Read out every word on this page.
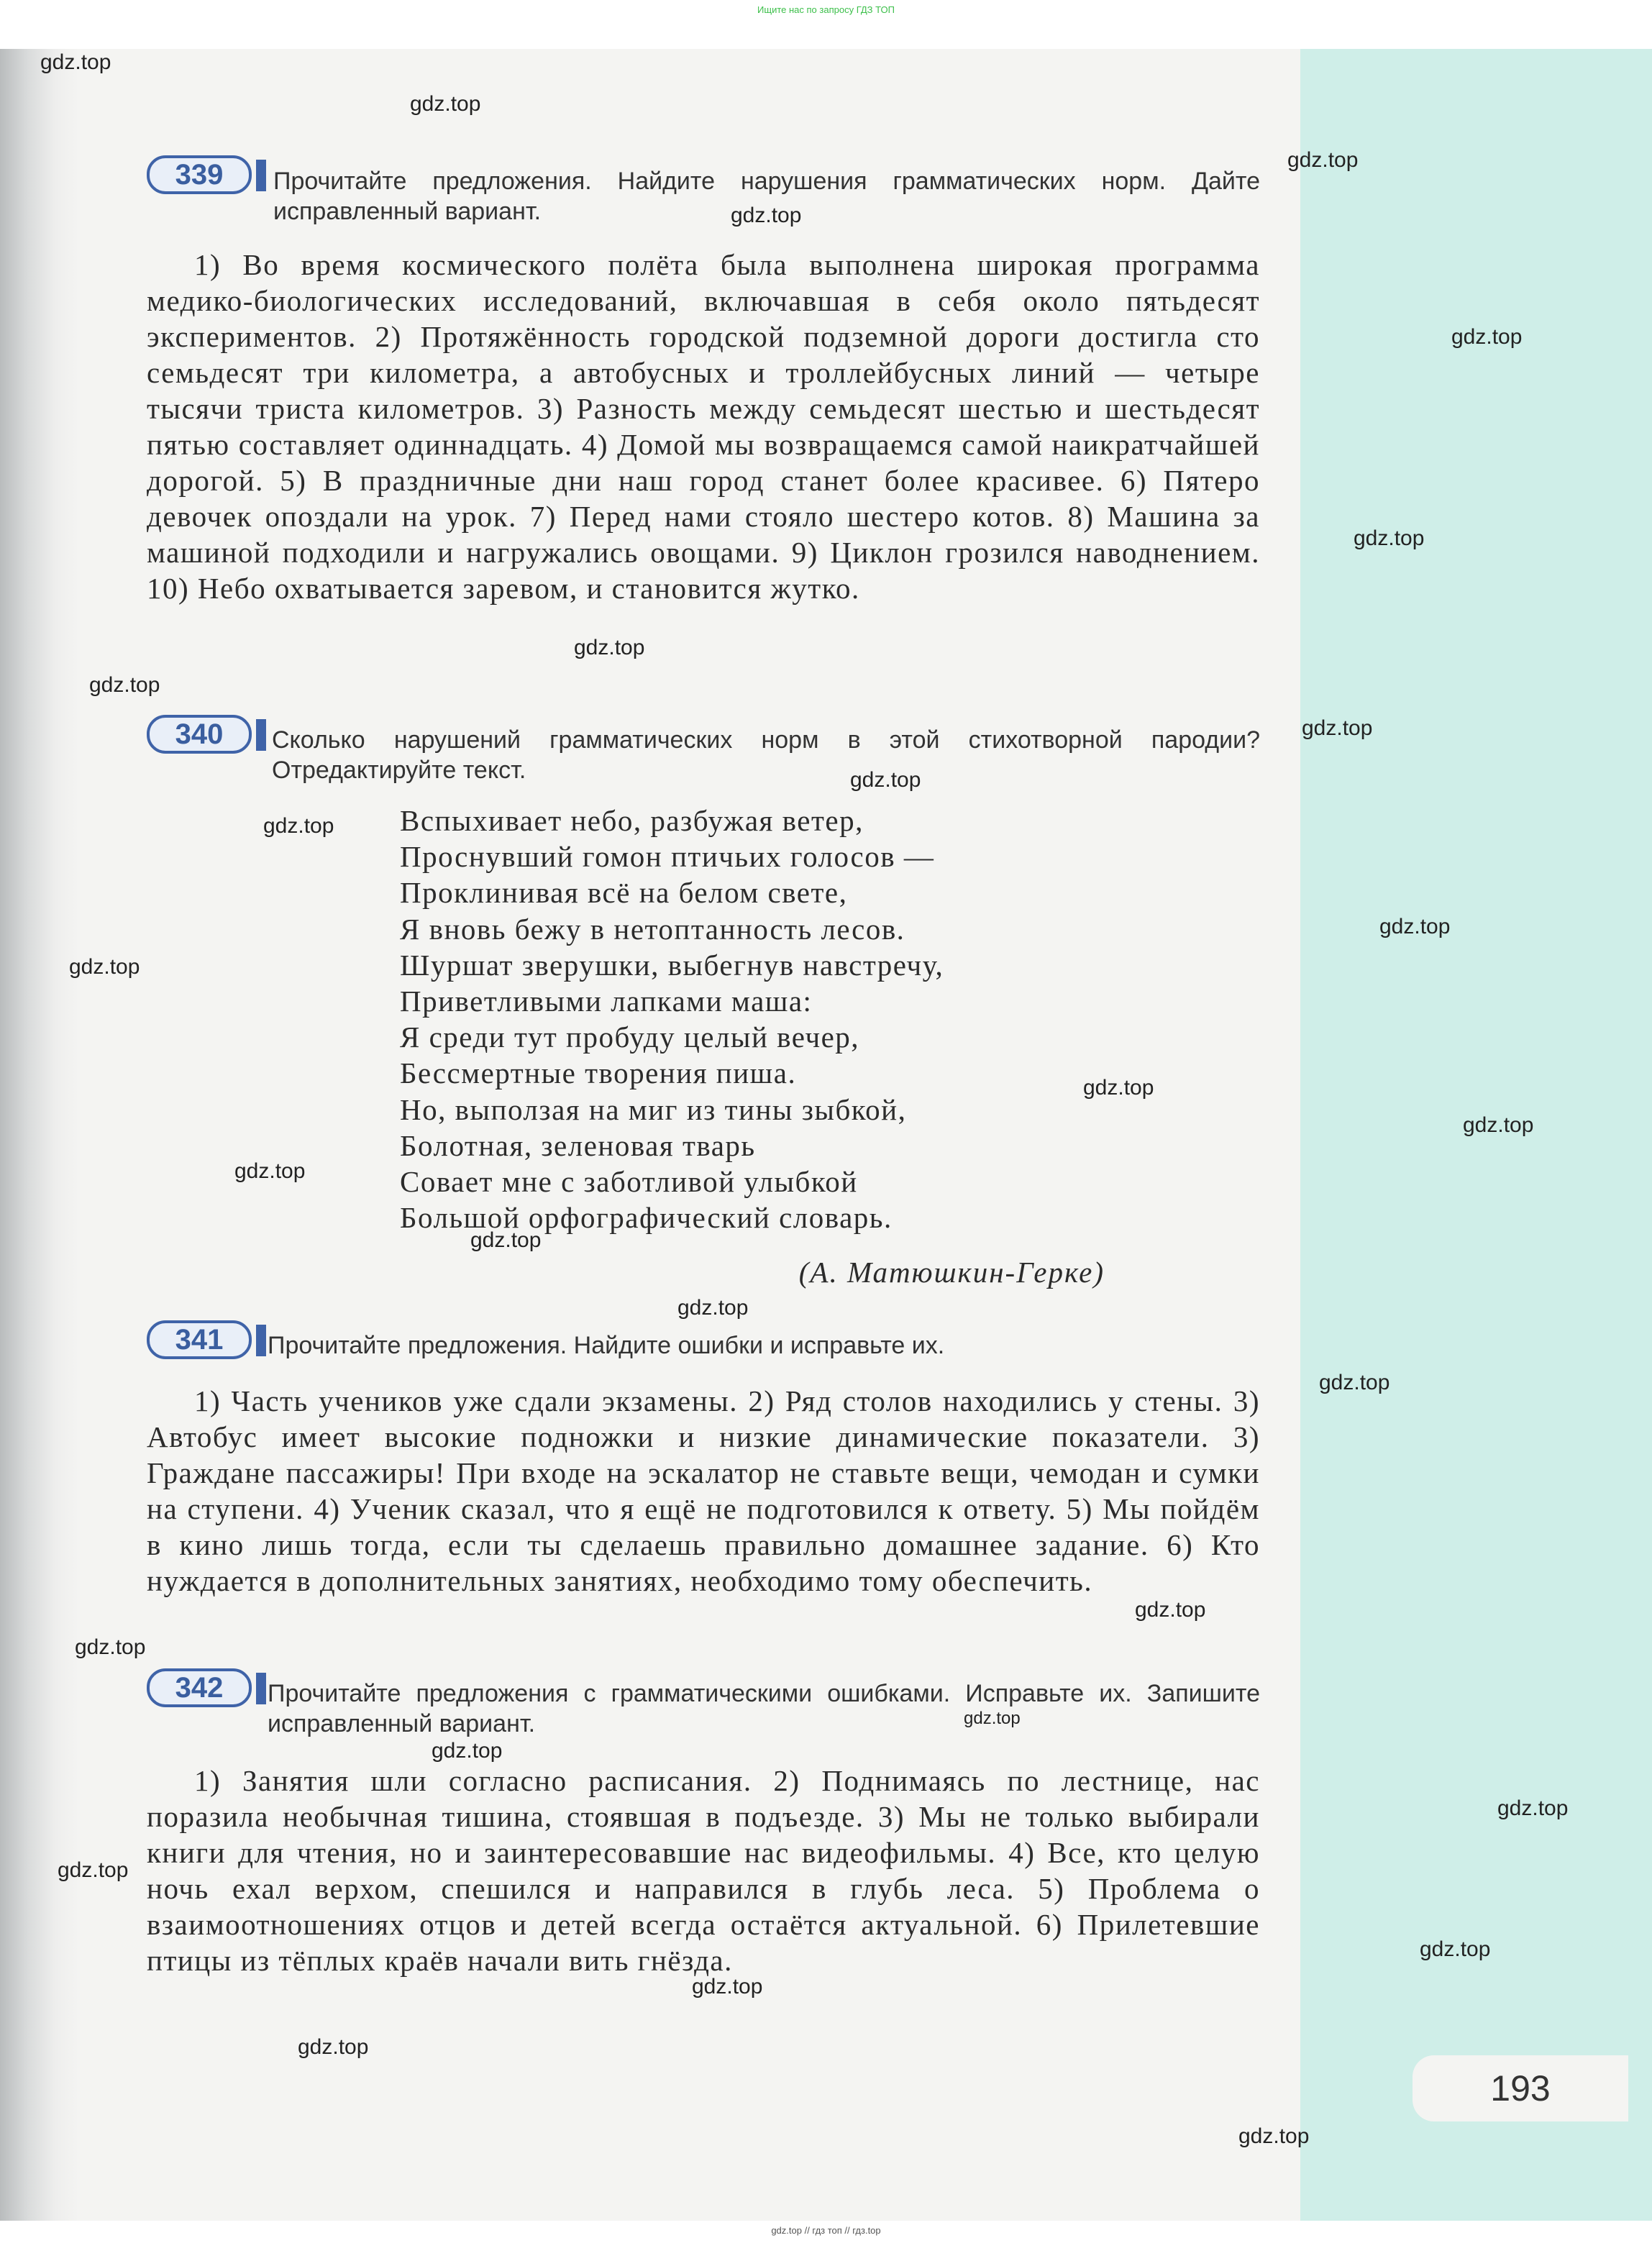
Ищите нас по запросу ГДЗ ТОП
339	Прочитайте предложения. Найдите нарушения грамматических норм. Дайте исправленный вариант.
1) Во время космического полёта была выполнена широкая программа медико-биологических исследований, включавшая в себя около пятьдесят экспериментов. 2) Протяжённость городской подземной дороги достигла сто семьдесят три километра, а автобусных и троллейбусных линий — четыре тысячи триста километров. 3) Разность между семьдесят шестью и шестьдесят пятью составляет одиннадцать. 4) Домой мы возвращаемся самой наикратчайшей дорогой. 5) В праздничные дни наш город станет более красивее. 6) Пятеро девочек опоздали на урок. 7) Перед нами стояло шестеро котов. 8) Машина за машиной подходили и нагружались овощами. 9) Циклон грозился наводнением. 10) Небо охватывается заревом, и становится жутко.
340	Сколько нарушений грамматических норм в этой стихотворной пародии? Отредактируйте текст.
Вспыхивает небо, разбужая ветер,
Проснувший гомон птичьих голосов —
Проклинивая всё на белом свете,
Я вновь бежу в нетоптанность лесов.
Шуршат зверушки, выбегнув навстречу,
Приветливыми лапками маша:
Я среди тут пробуду целый вечер,
Бессмертные творения пиша.
Но, выползая на миг из тины зыбкой,
Болотная, зеленовая тварь
Совает мне с заботливой улыбкой
Большой орфографический словарь.
(А. Матюшкин-Герке)
341	Прочитайте предложения. Найдите ошибки и исправьте их.
1) Часть учеников уже сдали экзамены. 2) Ряд столов находились у стены. 3) Автобус имеет высокие подножки и низкие динамические показатели. 3) Граждане пассажиры! При входе на эскалатор не ставьте вещи, чемодан и сумки на ступени. 4) Ученик сказал, что я ещё не подготовился к ответу. 5) Мы пойдём в кино лишь тогда, если ты сделаешь правильно домашнее задание. 6) Кто нуждается в дополнительных занятиях, необходимо тому обеспечить.
342	Прочитайте предложения с грамматическими ошибками. Исправьте их. Запишите исправленный вариант.
1) Занятия шли согласно расписания. 2) Поднимаясь по лестнице, нас поразила необычная тишина, стоявшая в подъезде. 3) Мы не только выбирали книги для чтения, но и заинтересовавшие нас видеофильмы. 4) Все, кто целую ночь ехал верхом, спешился и направился в глубь леса. 5) Проблема о взаимоотношениях отцов и детей всегда остаётся актуальной. 6) Прилетевшие птицы из тёплых краёв начали вить гнёзда.
193
gdz.top
gdz.top
gdz.top
gdz.top
gdz.top
gdz.top
gdz.top
gdz.top
gdz.top
gdz.top
gdz.top
gdz.top
gdz.top
gdz.top
gdz.top
gdz.top
gdz.top
gdz.top
gdz.top
gdz.top
gdz.top
gdz.top
gdz.top
gdz.top
gdz.top
gdz.top
gdz.top
gdz.top
gdz.top
gdz.top // гдз топ // гдз.top
